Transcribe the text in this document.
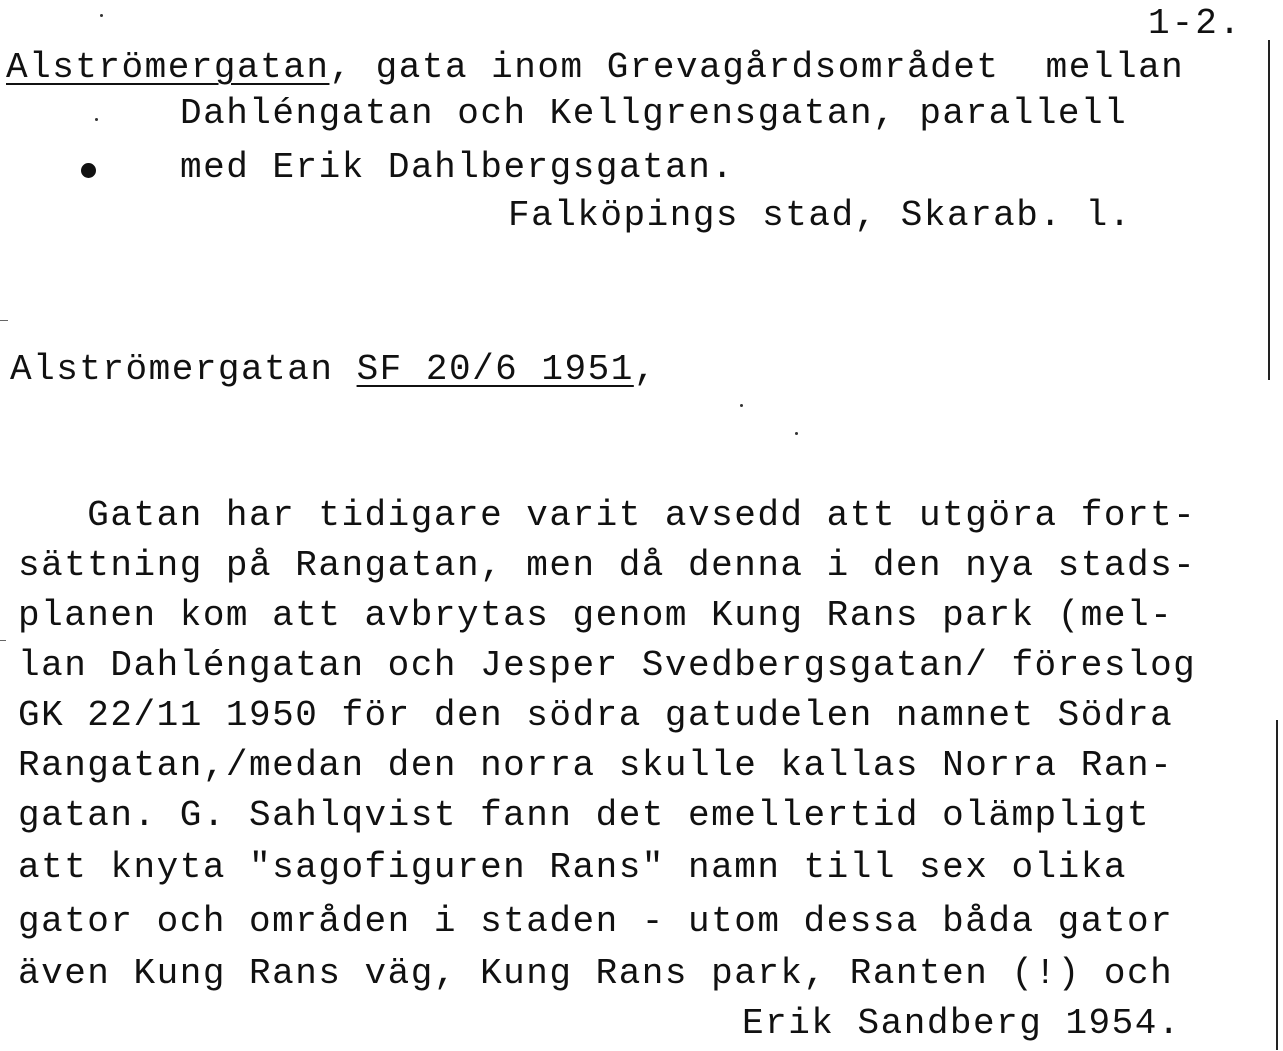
1-2.
Alströmergatan, gata inom Grevagårdsområdet  mellan
Dahléngatan och Kellgrensgatan, parallell
med Erik Dahlbergsgatan.
Falköpings stad, Skarab. l.
Alströmergatan SF 20/6 1951,
Gatan har tidigare varit avsedd att utgöra fort-
sättning på Rangatan, men då denna i den nya stads-
planen kom att avbrytas genom Kung Rans park (mel-
lan Dahléngatan och Jesper Svedbergsgatan/ föreslog
GK 22/11 1950 för den södra gatudelen namnet Södra
Rangatan,/medan den norra skulle kallas Norra Ran-
gatan. G. Sahlqvist fann det emellertid olämpligt
att knyta "sagofiguren Rans" namn till sex olika
gator och områden i staden - utom dessa båda gator
även Kung Rans väg, Kung Rans park, Ranten (!) och
Erik Sandberg 1954.
